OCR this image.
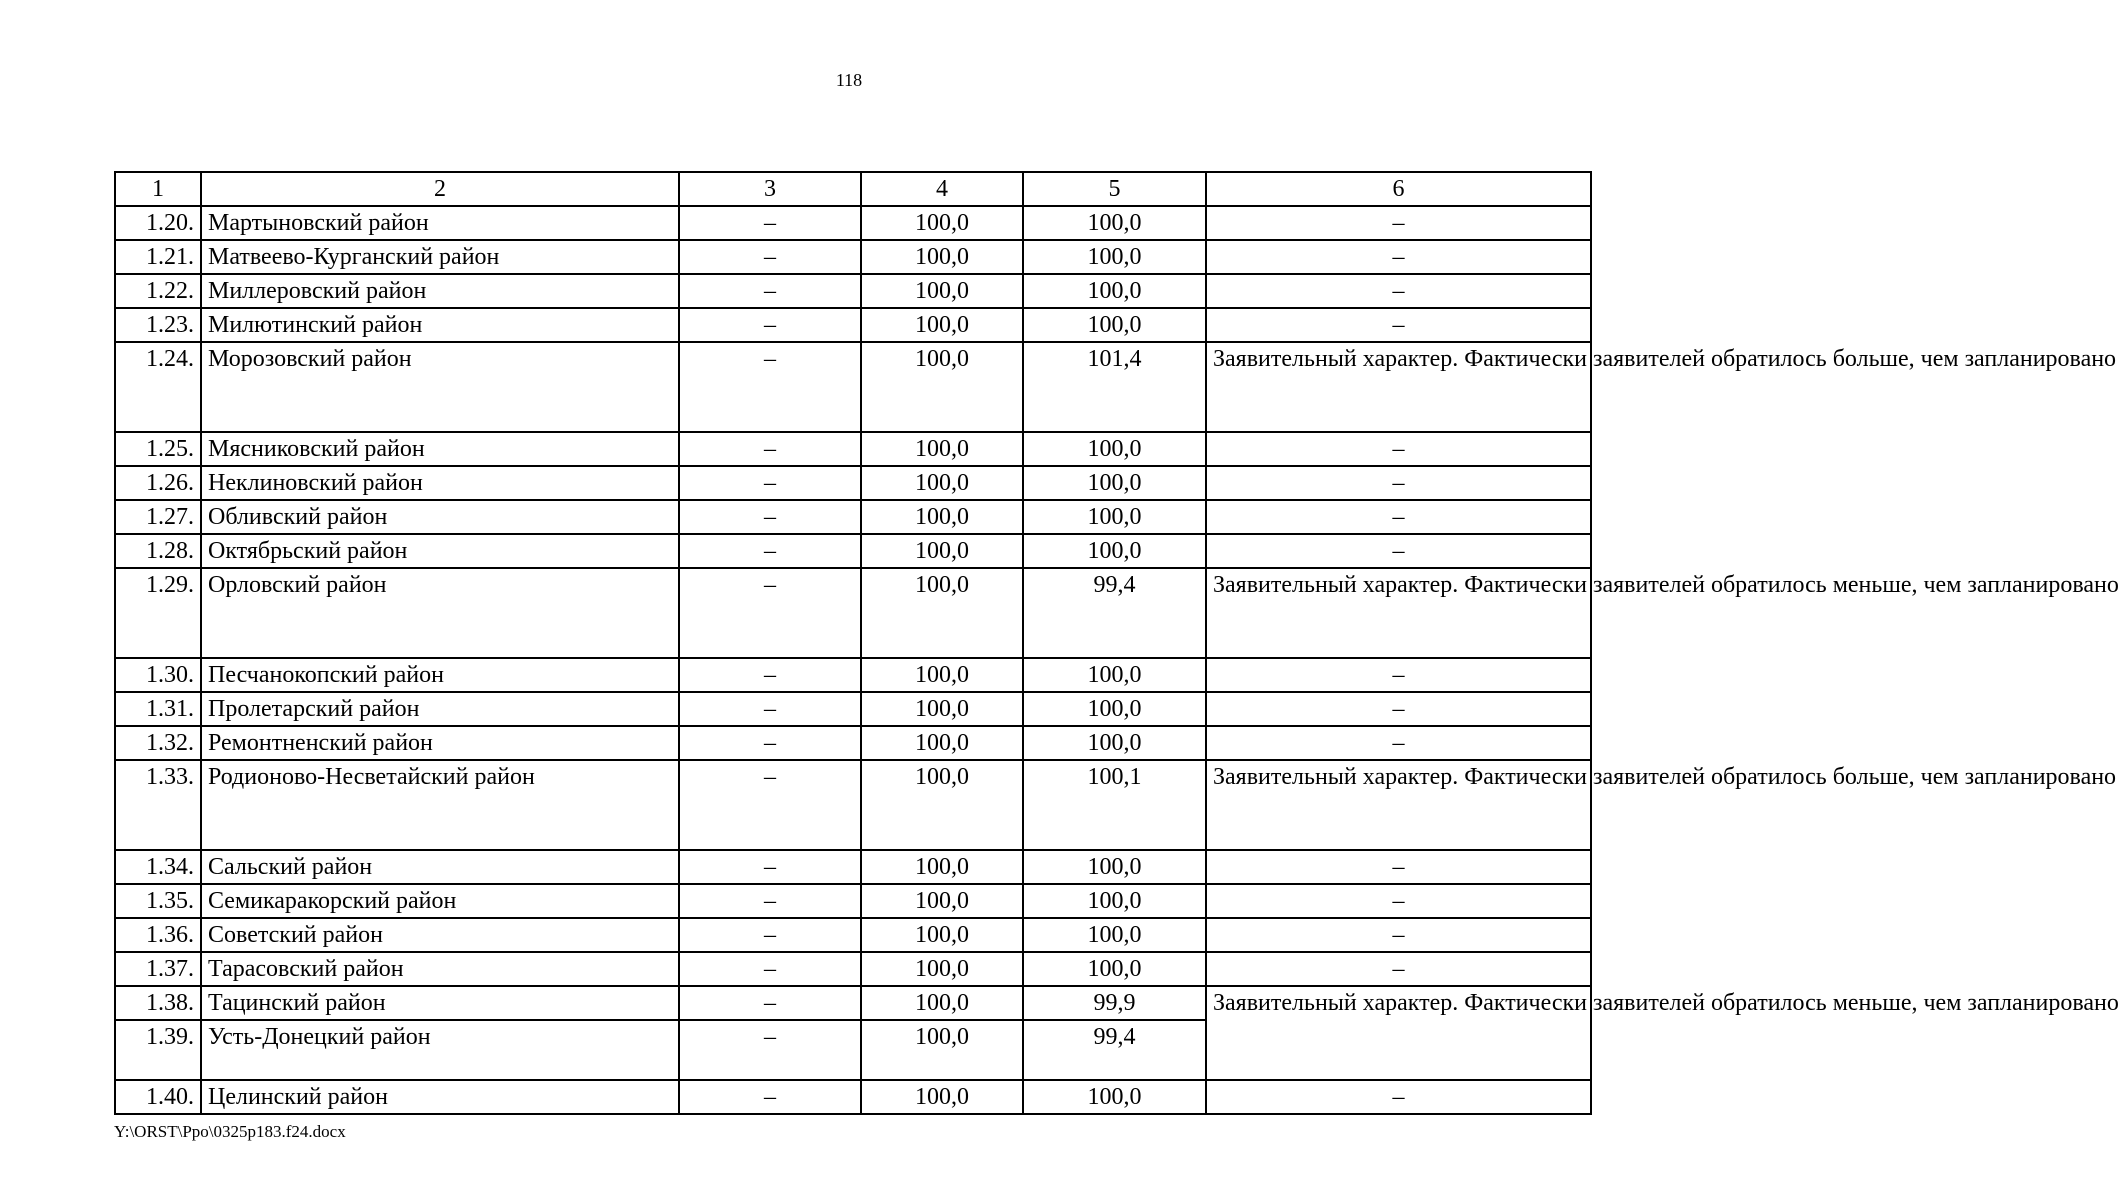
118
1	2	3	4	5	6
1.20.	Мартыновский район	–	100,0	100,0	–
1.21.	Матвеево-Курганский район	–	100,0	100,0	–
1.22.	Миллеровский район	–	100,0	100,0	–
1.23.	Милютинский район	–	100,0	100,0	–
1.24.	Морозовский район	–	100,0	101,4	Заявительный характер. Фактически заявителей обратилось больше, чем запланировано
1.25.	Мясниковский район	–	100,0	100,0	–
1.26.	Неклиновский район	–	100,0	100,0	–
1.27.	Обливский район	–	100,0	100,0	–
1.28.	Октябрьский район	–	100,0	100,0	–
1.29.	Орловский район	–	100,0	99,4	Заявительный характер. Фактически заявителей обратилось меньше, чем запланировано
1.30.	Песчанокопский район	–	100,0	100,0	–
1.31.	Пролетарский район	–	100,0	100,0	–
1.32.	Ремонтненский район	–	100,0	100,0	–
1.33.	Родионово-Несветайский район	–	100,0	100,1	Заявительный характер. Фактически заявителей обратилось больше, чем запланировано
1.34.	Сальский район	–	100,0	100,0	–
1.35.	Семикаракорский район	–	100,0	100,0	–
1.36.	Советский район	–	100,0	100,0	–
1.37.	Тарасовский район	–	100,0	100,0	–
1.38.	Тацинский район	–	100,0	99,9	Заявительный характер. Фактически заявителей обратилось меньше, чем запланировано
1.39.	Усть-Донецкий район	–	100,0	99,4	
1.40.	Целинский район	–	100,0	100,0	–
Y:\ORST\Ppo\0325p183.f24.docx
